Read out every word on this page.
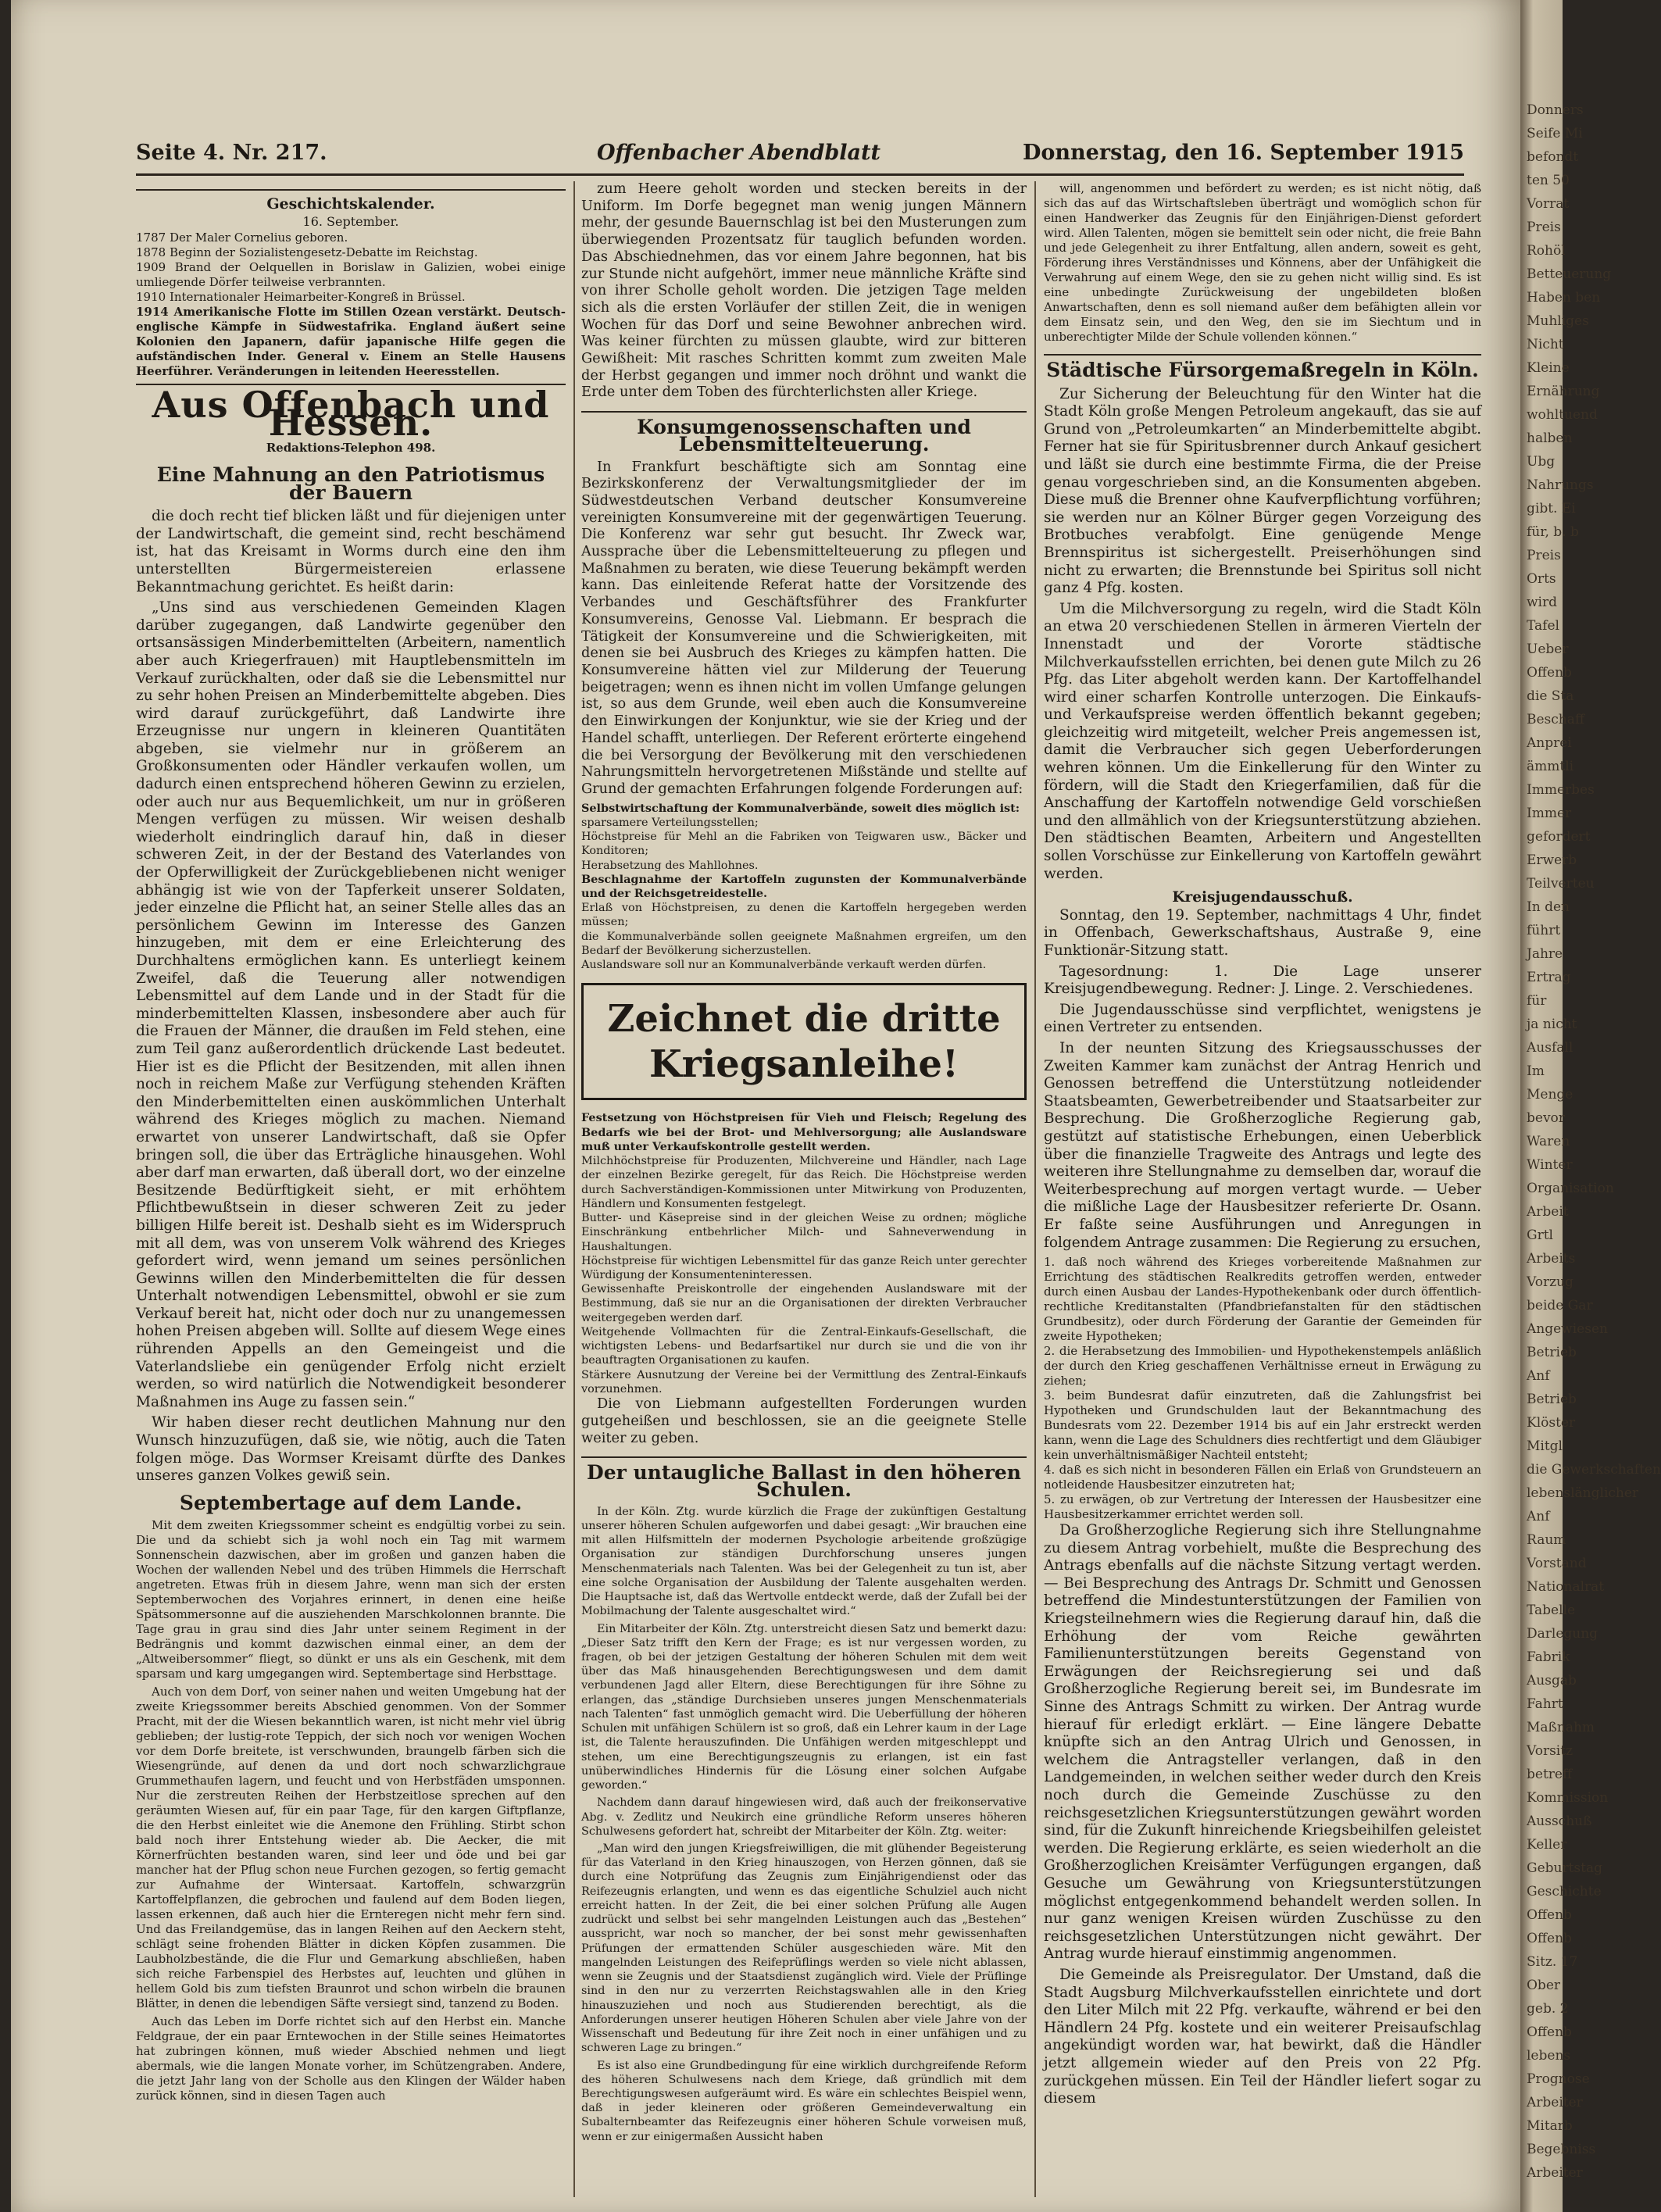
Seite 4. Nr. 217.	Offenbacher Abendblatt	Donnerstag, den 16. September 1915
Geschichtskalender.
16. September.
1787 Der Maler Cornelius geboren.
1878 Beginn der Sozialistengesetz-Debatte im Reichstag.
1909 Brand der Oelquellen in Borislaw in Galizien, wobei einige umliegende Dörfer teilweise verbrannten.
1910 Internationaler Heimarbeiter-Kongreß in Brüssel.
1914 Amerikanische Flotte im Stillen Ozean verstärkt. Deutsch-englische Kämpfe in Südwestafrika. England äußert seine Kolonien den Japanern, dafür japanische Hilfe gegen die aufständischen Inder. General v. Einem an Stelle Hausens Heerführer. Veränderungen in leitenden Heeresstellen.
Aus Offenbach und Hessen.
Redaktions-Telephon 498.
Eine Mahnung an den Patriotismus der Bauern

die doch recht tief blicken läßt und für diejenigen unter der Landwirtschaft, die gemeint sind, recht beschämend ist, hat das Kreisamt in Worms durch eine den ihm unterstellten Bürgermeistereien erlassene Bekanntmachung gerichtet. Es heißt darin:

„Uns sind aus verschiedenen Gemeinden Klagen darüber zugegangen, daß Landwirte gegenüber den ortsansässigen Minderbemittelten (Arbeitern, namentlich aber auch Kriegerfrauen) mit Hauptlebensmitteln im Verkauf zurückhalten, oder daß sie die Lebensmittel nur zu sehr hohen Preisen an Minderbemittelte abgeben. Dies wird darauf zurückgeführt, daß Landwirte ihre Erzeugnisse nur ungern in kleineren Quantitäten abgeben, sie vielmehr nur in größerem an Großkonsumenten oder Händler verkaufen wollen, um dadurch einen entsprechend höheren Gewinn zu erzielen, oder auch nur aus Bequemlichkeit, um nur in größeren Mengen verfügen zu müssen. Wir weisen deshalb wiederholt eindringlich darauf hin, daß in dieser schweren Zeit, in der der Bestand des Vaterlandes von der Opferwilligkeit der Zurückgebliebenen nicht weniger abhängig ist wie von der Tapferkeit unserer Soldaten, jeder einzelne die Pflicht hat, an seiner Stelle alles das an persönlichem Gewinn im Interesse des Ganzen hinzugeben, mit dem er eine Erleichterung des Durchhaltens ermöglichen kann. Es unterliegt keinem Zweifel, daß die Teuerung aller notwendigen Lebensmittel auf dem Lande und in der Stadt für die minderbemittelten Klassen, insbesondere aber auch für die Frauen der Männer, die draußen im Feld stehen, eine zum Teil ganz außerordentlich drückende Last bedeutet. Hier ist es die Pflicht der Besitzenden, mit allen ihnen noch in reichem Maße zur Verfügung stehenden Kräften den Minderbemittelten einen auskömmlichen Unterhalt während des Krieges möglich zu machen. Niemand erwartet von unserer Landwirtschaft, daß sie Opfer bringen soll, die über das Erträgliche hinausgehen. Wohl aber darf man erwarten, daß überall dort, wo der einzelne Besitzende Bedürftigkeit sieht, er mit erhöhtem Pflichtbewußtsein in dieser schweren Zeit zu jeder billigen Hilfe bereit ist. Deshalb sieht es im Widerspruch mit all dem, was von unserem Volk während des Krieges gefordert wird, wenn jemand um seines persönlichen Gewinns willen den Minderbemittelten die für dessen Unterhalt notwendigen Lebensmittel, obwohl er sie zum Verkauf bereit hat, nicht oder doch nur zu unangemessen hohen Preisen abgeben will. Sollte auf diesem Wege eines rührenden Appells an den Gemeingeist und die Vaterlandsliebe ein genügender Erfolg nicht erzielt werden, so wird natürlich die Notwendigkeit besonderer Maßnahmen ins Auge zu fassen sein.“

Wir haben dieser recht deutlichen Mahnung nur den Wunsch hinzuzufügen, daß sie, wie nötig, auch die Taten folgen möge. Das Wormser Kreisamt dürfte des Dankes unseres ganzen Volkes gewiß sein.

Septembertage auf dem Lande.

Mit dem zweiten Kriegssommer scheint es endgültig vorbei zu sein. Die und da schiebt sich ja wohl noch ein Tag mit warmem Sonnenschein dazwischen, aber im großen und ganzen haben die Wochen der wallenden Nebel und des trüben Himmels die Herrschaft angetreten. Etwas früh in diesem Jahre, wenn man sich der ersten Septemberwochen des Vorjahres erinnert, in denen eine heiße Spätsommersonne auf die ausziehenden Marschkolonnen brannte. Die Tage grau in grau sind dies Jahr unter seinem Regiment in der Bedrängnis und kommt dazwischen einmal einer, an dem der „Altweibersommer“ fliegt, so dünkt er uns als ein Geschenk, mit dem sparsam und karg umgegangen wird. Septembertage sind Herbsttage.

Auch von dem Dorf, von seiner nahen und weiten Umgebung hat der zweite Kriegssommer bereits Abschied genommen. Von der Sommer Pracht, mit der die Wiesen bekanntlich waren, ist nicht mehr viel übrig geblieben; der lustig-rote Teppich, der sich noch vor wenigen Wochen vor dem Dorfe breitete, ist verschwunden, braungelb färben sich die Wiesengründe, auf denen da und dort noch schwarzlichgraue Grummethaufen lagern, und feucht und von Herbstfäden umsponnen. Nur die zerstreuten Reihen der Herbstzeitlose sprechen auf den geräumten Wiesen auf, für ein paar Tage, für den kargen Giftpflanze, die den Herbst einleitet wie die Anemone den Frühling. Stirbt schon bald noch ihrer Entstehung wieder ab. Die Aecker, die mit Körnerfrüchten bestanden waren, sind leer und öde und bei gar mancher hat der Pflug schon neue Furchen gezogen, so fertig gemacht zur Aufnahme der Wintersaat. Kartoffeln, schwarzgrün Kartoffelpflanzen, die gebrochen und faulend auf dem Boden liegen, lassen erkennen, daß auch hier die Ernteregen nicht mehr fern sind. Und das Freilandgemüse, das in langen Reihen auf den Aeckern steht, schlägt seine frohenden Blätter in dicken Köpfen zusammen. Die Laubholzbestände, die die Flur und Gemarkung abschließen, haben sich reiche Farbenspiel des Herbstes auf, leuchten und glühen in hellem Gold bis zum tiefsten Braunrot und schon wirbeln die braunen Blätter, in denen die lebendigen Säfte versiegt sind, tanzend zu Boden.

Auch das Leben im Dorfe richtet sich auf den Herbst ein. Manche Feldgraue, der ein paar Erntewochen in der Stille seines Heimatortes hat zubringen können, muß wieder Abschied nehmen und liegt abermals, wie die langen Monate vorher, im Schützengraben. Andere, die jetzt Jahr lang von der Scholle aus den Klingen der Wälder haben zurück können, sind in diesen Tagen auch

zum Heere geholt worden und stecken bereits in der Uniform. Im Dorfe begegnet man wenig jungen Männern mehr, der gesunde Bauernschlag ist bei den Musterungen zum überwiegenden Prozentsatz für tauglich befunden worden. Das Abschiednehmen, das vor einem Jahre begonnen, hat bis zur Stunde nicht aufgehört, immer neue männliche Kräfte sind von ihrer Scholle geholt worden. Die jetzigen Tage melden sich als die ersten Vorläufer der stillen Zeit, die in wenigen Wochen für das Dorf und seine Bewohner anbrechen wird. Was keiner fürchten zu müssen glaubte, wird zur bitteren Gewißheit: Mit rasches Schritten kommt zum zweiten Male der Herbst gegangen und immer noch dröhnt und wankt die Erde unter dem Toben des fürchterlichsten aller Kriege.

Konsumgenossenschaften und Lebensmittelteuerung.

In Frankfurt beschäftigte sich am Sonntag eine Bezirkskonferenz der Verwaltungsmitglieder der im Südwestdeutschen Verband deutscher Konsumvereine vereinigten Konsumvereine mit der gegenwärtigen Teuerung. Die Konferenz war sehr gut besucht. Ihr Zweck war, Aussprache über die Lebensmittelteuerung zu pflegen und Maßnahmen zu beraten, wie diese Teuerung bekämpft werden kann. Das einleitende Referat hatte der Vorsitzende des Verbandes und Geschäftsführer des Frankfurter Konsumvereins, Genosse Val. Liebmann. Er besprach die Tätigkeit der Konsumvereine und die Schwierigkeiten, mit denen sie bei Ausbruch des Krieges zu kämpfen hatten. Die Konsumvereine hätten viel zur Milderung der Teuerung beigetragen; wenn es ihnen nicht im vollen Umfange gelungen ist, so aus dem Grunde, weil eben auch die Konsumvereine den Einwirkungen der Konjunktur, wie sie der Krieg und der Handel schafft, unterliegen. Der Referent erörterte eingehend die bei Versorgung der Bevölkerung mit den verschiedenen Nahrungsmitteln hervorgetretenen Mißstände und stellte auf Grund der gemachten Erfahrungen folgende Forderungen auf:

Selbstwirtschaftung der Kommunalverbände, soweit dies möglich ist:
sparsamere Verteilungsstellen;
Höchstpreise für Mehl an die Fabriken von Teigwaren usw., Bäcker und Konditoren;
Herabsetzung des Mahllohnes.
Beschlagnahme der Kartoffeln zugunsten der Kommunalverbände und der Reichsgetreidestelle.
Erlaß von Höchstpreisen, zu denen die Kartoffeln hergegeben werden müssen;
die Kommunalverbände sollen geeignete Maßnahmen ergreifen, um den Bedarf der Bevölkerung sicherzustellen.
Auslandsware soll nur an Kommunalverbände verkauft werden dürfen.
Zeichnet die dritte Kriegsanleihe!
Festsetzung von Höchstpreisen für Vieh und Fleisch; Regelung des Bedarfs wie bei der Brot- und Mehlversorgung; alle Auslandsware muß unter Verkaufskontrolle gestellt werden.
Milchhöchstpreise für Produzenten, Milchvereine und Händler, nach Lage der einzelnen Bezirke geregelt, für das Reich. Die Höchstpreise werden durch Sachverständigen-Kommissionen unter Mitwirkung von Produzenten, Händlern und Konsumenten festgelegt.
Butter- und Käsepreise sind in der gleichen Weise zu ordnen; mögliche Einschränkung entbehrlicher Milch- und Sahneverwendung in Haushaltungen.
Höchstpreise für wichtigen Lebensmittel für das ganze Reich unter gerechter Würdigung der Konsumenteninteressen.
Gewissenhafte Preiskontrolle der eingehenden Auslandsware mit der Bestimmung, daß sie nur an die Organisationen der direkten Verbraucher weitergegeben werden darf.
Weitgehende Vollmachten für die Zentral-Einkaufs-Gesellschaft, die wichtigsten Lebens- und Bedarfsartikel nur durch sie und die von ihr beauftragten Organisationen zu kaufen.
Stärkere Ausnutzung der Vereine bei der Vermittlung des Zentral-Einkaufs vorzunehmen.

Die von Liebmann aufgestellten Forderungen wurden gutgeheißen und beschlossen, sie an die geeignete Stelle weiter zu geben.

Der untaugliche Ballast in den höheren Schulen.

In der Köln. Ztg. wurde kürzlich die Frage der zukünftigen Gestaltung unserer höheren Schulen aufgeworfen und dabei gesagt: „Wir brauchen eine mit allen Hilfsmitteln der modernen Psychologie arbeitende großzügige Organisation zur ständigen Durchforschung unseres jungen Menschenmaterials nach Talenten. Was bei der Gelegenheit zu tun ist, aber eine solche Organisation der Ausbildung der Talente ausgehalten werden. Die Hauptsache ist, daß das Wertvolle entdeckt werde, daß der Zufall bei der Mobilmachung der Talente ausgeschaltet wird.“

Ein Mitarbeiter der Köln. Ztg. unterstreicht diesen Satz und bemerkt dazu: „Dieser Satz trifft den Kern der Frage; es ist nur vergessen worden, zu fragen, ob bei der jetzigen Gestaltung der höheren Schulen mit dem weit über das Maß hinausgehenden Berechtigungswesen und dem damit verbundenen Jagd aller Eltern, diese Berechtigungen für ihre Söhne zu erlangen, das „ständige Durchsieben unseres jungen Menschenmaterials nach Talenten“ fast unmöglich gemacht wird. Die Ueberfüllung der höheren Schulen mit unfähigen Schülern ist so groß, daß ein Lehrer kaum in der Lage ist, die Talente herauszufinden. Die Unfähigen werden mitgeschleppt und stehen, um eine Berechtigungszeugnis zu erlangen, ist ein fast unüberwindliches Hindernis für die Lösung einer solchen Aufgabe geworden.“

Nachdem dann darauf hingewiesen wird, daß auch der freikonservative Abg. v. Zedlitz und Neukirch eine gründliche Reform unseres höheren Schulwesens gefordert hat, schreibt der Mitarbeiter der Köln. Ztg. weiter:

„Man wird den jungen Kriegsfreiwilligen, die mit glühender Begeisterung für das Vaterland in den Krieg hinauszogen, von Herzen gönnen, daß sie durch eine Notprüfung das Zeugnis zum Einjährigendienst oder das Reifezeugnis erlangten, und wenn es das eigentliche Schulziel auch nicht erreicht hatten. In der Zeit, die bei einer solchen Prüfung alle Augen zudrückt und selbst bei sehr mangelnden Leistungen auch das „Bestehen“ ausspricht, war noch so mancher, der bei sonst mehr gewissenhaften Prüfungen der ermattenden Schüler ausgeschieden wäre. Mit den mangelnden Leistungen des Reifeprüflings werden so viele nicht ablassen, wenn sie Zeugnis und der Staatsdienst zugänglich wird. Viele der Prüflinge sind in den nur zu verzerrten Reichstagswahlen alle in den Krieg hinauszuziehen und noch aus Studierenden berechtigt, als die Anforderungen unserer heutigen Höheren Schulen aber viele Jahre von der Wissenschaft und Bedeutung für ihre Zeit noch in einer unfähigen und zu schweren Lage zu bringen.“

Es ist also eine Grundbedingung für eine wirklich durchgreifende Reform des höheren Schulwesens nach dem Kriege, daß gründlich mit dem Berechtigungswesen aufgeräumt wird. Es wäre ein schlechtes Beispiel wenn, daß in jeder kleineren oder größeren Gemeindeverwaltung ein Subalternbeamter das Reifezeugnis einer höheren Schule vorweisen muß, wenn er zur einigermaßen Aussicht haben

will, angenommen und befördert zu werden; es ist nicht nötig, daß sich das auf das Wirtschaftsleben überträgt und womöglich schon für einen Handwerker das Zeugnis für den Einjährigen-Dienst gefordert wird. Allen Talenten, mögen sie bemittelt sein oder nicht, die freie Bahn und jede Gelegenheit zu ihrer Entfaltung, allen andern, soweit es geht, Förderung ihres Verständnisses und Könnens, aber der Unfähigkeit die Verwahrung auf einem Wege, den sie zu gehen nicht willig sind. Es ist eine unbedingte Zurückweisung der ungebildeten bloßen Anwartschaften, denn es soll niemand außer dem befähigten allein vor dem Einsatz sein, und den Weg, den sie im Siechtum und in unberechtigter Milde der Schule vollenden können.“

Städtische Fürsorgemaßregeln in Köln.

Zur Sicherung der Beleuchtung für den Winter hat die Stadt Köln große Mengen Petroleum angekauft, das sie auf Grund von „Petroleumkarten“ an Minderbemittelte abgibt. Ferner hat sie für Spiritusbrenner durch Ankauf gesichert und läßt sie durch eine bestimmte Firma, die der Preise genau vorgeschrieben sind, an die Konsumenten abgeben. Diese muß die Brenner ohne Kaufverpflichtung vorführen; sie werden nur an Kölner Bürger gegen Vorzeigung des Brotbuches verabfolgt. Eine genügende Menge Brennspiritus ist sichergestellt. Preiserhöhungen sind nicht zu erwarten; die Brennstunde bei Spiritus soll nicht ganz 4 Pfg. kosten.

Um die Milchversorgung zu regeln, wird die Stadt Köln an etwa 20 verschiedenen Stellen in ärmeren Vierteln der Innenstadt und der Vororte städtische Milchverkaufsstellen errichten, bei denen gute Milch zu 26 Pfg. das Liter abgeholt werden kann. Der Kartoffelhandel wird einer scharfen Kontrolle unterzogen. Die Einkaufs- und Verkaufspreise werden öffentlich bekannt gegeben; gleichzeitig wird mitgeteilt, welcher Preis angemessen ist, damit die Verbraucher sich gegen Ueberforderungen wehren können. Um die Einkellerung für den Winter zu fördern, will die Stadt den Kriegerfamilien, daß für die Anschaffung der Kartoffeln notwendige Geld vorschießen und den allmählich von der Kriegsunterstützung abziehen. Den städtischen Beamten, Arbeitern und Angestellten sollen Vorschüsse zur Einkellerung von Kartoffeln gewährt werden.

Kreisjugendausschuß.

Sonntag, den 19. September, nachmittags 4 Uhr, findet in Offenbach, Gewerkschaftshaus, Austraße 9, eine Funktionär-Sitzung statt.

Tagesordnung: 1. Die Lage unserer Kreisjugendbewegung. Redner: J. Linge. 2. Verschiedenes.

Die Jugendausschüsse sind verpflichtet, wenigstens je einen Vertreter zu entsenden.

In der neunten Sitzung des Kriegsausschusses der Zweiten Kammer kam zunächst der Antrag Henrich und Genossen betreffend die Unterstützung notleidender Staatsbeamten, Gewerbetreibender und Staatsarbeiter zur Besprechung. Die Großherzogliche Regierung gab, gestützt auf statistische Erhebungen, einen Ueberblick über die finanzielle Tragweite des Antrags und legte des weiteren ihre Stellungnahme zu demselben dar, worauf die Weiterbesprechung auf morgen vertagt wurde. — Ueber die mißliche Lage der Hausbesitzer referierte Dr. Osann. Er faßte seine Ausführungen und Anregungen in folgendem Antrage zusammen: Die Regierung zu ersuchen,

1. daß noch während des Krieges vorbereitende Maßnahmen zur Errichtung des städtischen Realkredits getroffen werden, entweder durch einen Ausbau der Landes-Hypothekenbank oder durch öffentlich-rechtliche Kreditanstalten (Pfandbriefanstalten für den städtischen Grundbesitz), oder durch Förderung der Garantie der Gemeinden für zweite Hypotheken;
2. die Herabsetzung des Immobilien- und Hypothekenstempels anläßlich der durch den Krieg geschaffenen Verhältnisse erneut in Erwägung zu ziehen;
3. beim Bundesrat dafür einzutreten, daß die Zahlungsfrist bei Hypotheken und Grundschulden laut der Bekanntmachung des Bundesrats vom 22. Dezember 1914 bis auf ein Jahr erstreckt werden kann, wenn die Lage des Schuldners dies rechtfertigt und dem Gläubiger kein unverhältnismäßiger Nachteil entsteht;
4. daß es sich nicht in besonderen Fällen ein Erlaß von Grundsteuern an notleidende Hausbesitzer einzutreten hat;
5. zu erwägen, ob zur Vertretung der Interessen der Hausbesitzer eine Hausbesitzerkammer errichtet werden soll.

Da Großherzogliche Regierung sich ihre Stellungnahme zu diesem Antrag vorbehielt, mußte die Besprechung des Antrags ebenfalls auf die nächste Sitzung vertagt werden. — Bei Besprechung des Antrags Dr. Schmitt und Genossen betreffend die Mindestunterstützungen der Familien von Kriegsteilnehmern wies die Regierung darauf hin, daß die Erhöhung der vom Reiche gewährten Familienunterstützungen bereits Gegenstand von Erwägungen der Reichsregierung sei und daß Großherzogliche Regierung bereit sei, im Bundesrate im Sinne des Antrags Schmitt zu wirken. Der Antrag wurde hierauf für erledigt erklärt. — Eine längere Debatte knüpfte sich an den Antrag Ulrich und Genossen, in welchem die Antragsteller verlangen, daß in den Landgemeinden, in welchen seither weder durch den Kreis noch durch die Gemeinde Zuschüsse zu den reichsgesetzlichen Kriegsunterstützungen gewährt worden sind, für die Zukunft hinreichende Kriegsbeihilfen geleistet werden. Die Regierung erklärte, es seien wiederholt an die Großherzoglichen Kreisämter Verfügungen ergangen, daß Gesuche um Gewährung von Kriegsunterstützungen möglichst entgegenkommend behandelt werden sollen. In nur ganz wenigen Kreisen würden Zuschüsse zu den reichsgesetzlichen Unterstützungen nicht gewährt. Der Antrag wurde hierauf einstimmig angenommen.

Die Gemeinde als Preisregulator. Der Umstand, daß die Stadt Augsburg Milchverkaufsstellen einrichtete und dort den Liter Milch mit 22 Pfg. verkaufte, während er bei den Händlern 24 Pfg. kostete und ein weiterer Preisaufschlag angekündigt worden war, hat bewirkt, daß die Händler jetzt allgemein wieder auf den Preis von 22 Pfg. zurückgehen müssen. Ein Teil der Händler liefert sogar zu diesem

Donners
Seife Mi
befondt
ten 50
Vorrat
Preis
Rohöl
Betteuerung
Haben ben
Muhliges
Nicht
Kleine
Ernährung
wohltuend
halben
Ubg
Nahrungs
gibt. Ei
für, b. b
Preis
Orts
wird
Tafel
Ueber
Offenb
die Sta
Beschaff
Anprei
ämmtli
Immerbes
Immer
gefordert
Erwerb
Teilverteu
In den
führt
Jahre
Ertrag
für
ja nicht
Ausfall
Im
Menge
bevor
Waren
Winter
Organisation
Arbeit
Grtl
Arbeits
Vorzug
beide Gar
Angewiesen
Betrieb
Anf
Betrieb
Klöster
Mitgl
die Gewerkschaften
lebenslänglicher
Anf
Raum
Vorstand
Nationalrat
Tabelle
Darlegung
Fabrik
Ausgab
Fahrt
Maßnahm
Vorsitz
betreff
Kommission
Ausschuß
Keller
Geburtstag
Geschichte
Offenb
Offenb
Sitz. 17
Ober
geb. 2
Offenb
lebens
Prognose
Arbeiter
Mitarb
Begebniss
Arbeiter
